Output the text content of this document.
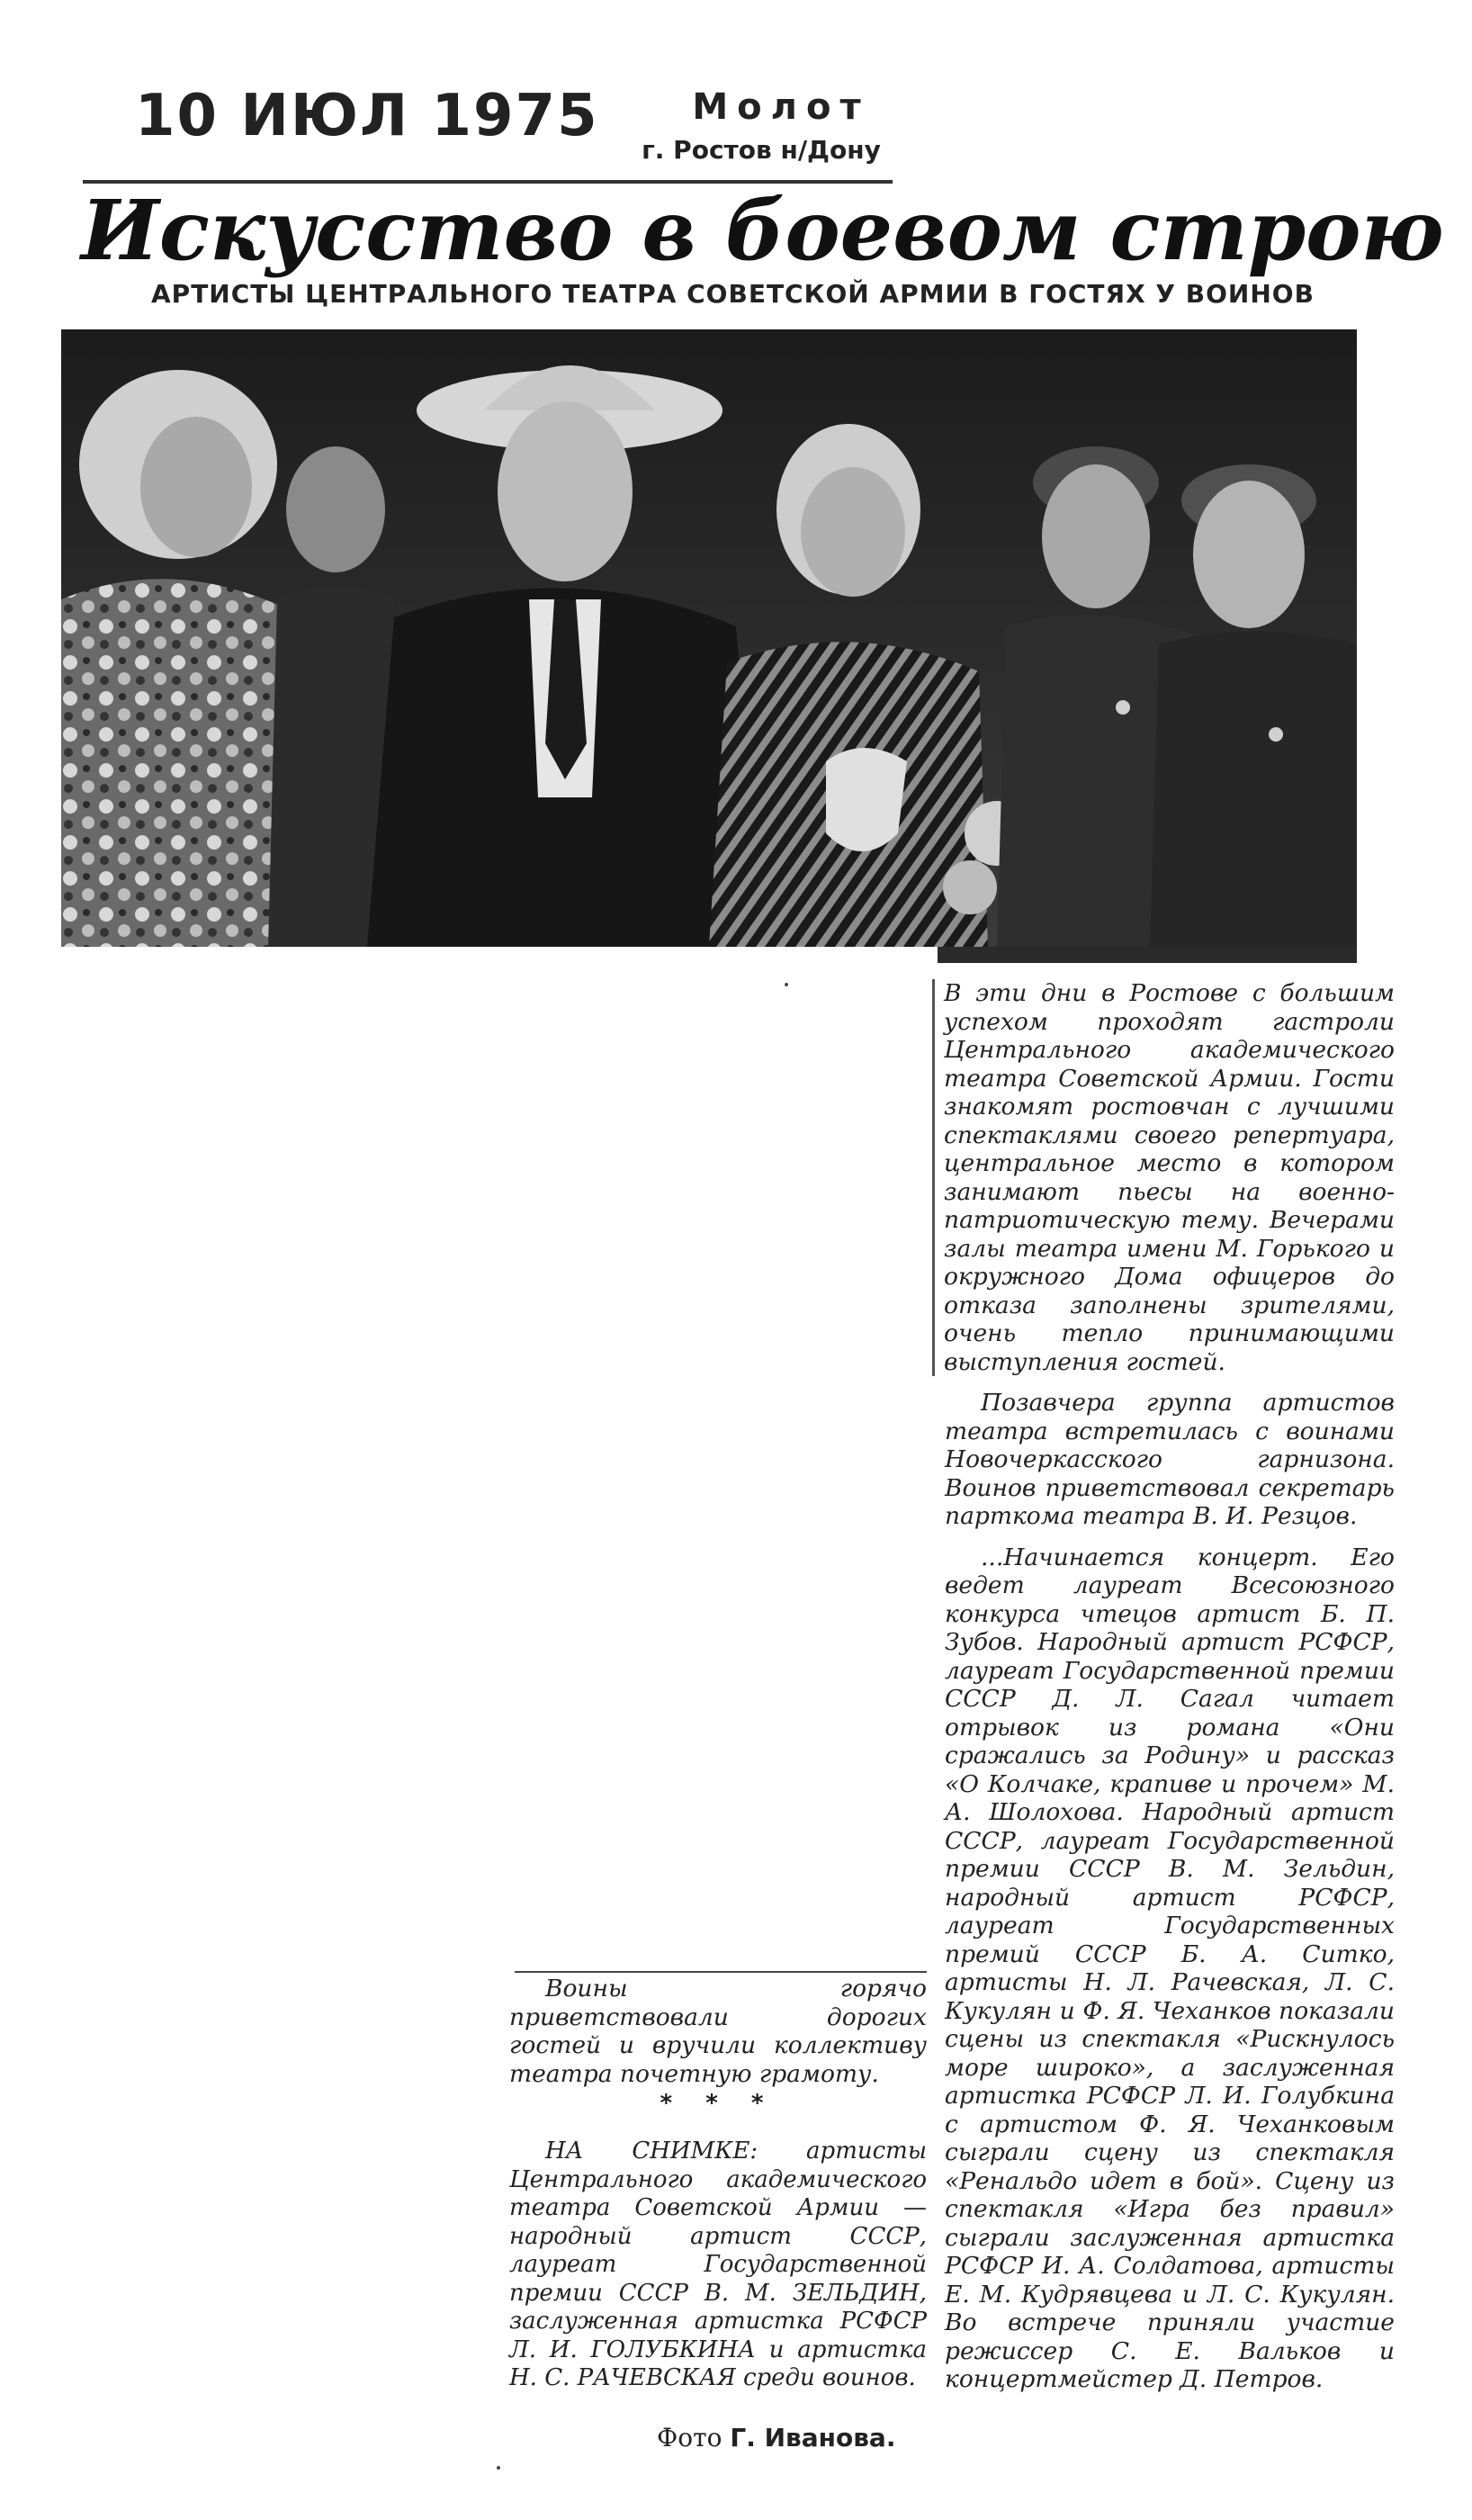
10 ИЮЛ 1975	Молот
г. Ростов н/Дону
Искусство в боевом строю
АРТИСТЫ ЦЕНТРАЛЬНОГО ТЕАТРА СОВЕТСКОЙ АРМИИ В ГОСТЯХ У ВОИНОВ

В эти дни в Ростове с большим успехом проходят гастроли Центрального академического театра Советской Армии. Гости знакомят ростовчан с лучшими спектаклями своего репертуара, центральное место в котором занимают пьесы на военно-патриотическую тему. Вечерами залы театра имени М. Горького и окружного Дома офицеров до отказа заполнены зрителями, очень тепло принимающими выступления гостей.

Позавчера группа артистов театра встретилась с воинами Новочеркасского гарнизона. Воинов приветствовал секретарь парткома театра В. И. Резцов.

...Начинается концерт. Его ведет лауреат Всесоюзного конкурса чтецов артист Б. П. Зубов. Народный артист РСФСР, лауреат Государственной премии СССР Д. Л. Сагал читает отрывок из романа «Они сражались за Родину» и рассказ «О Колчаке, крапиве и прочем» М. А. Шолохова. Народный артист СССР, лауреат Государственной премии СССР В. М. Зельдин, народный артист РСФСР, лауреат Государственных премий СССР Б. А. Ситко, артисты Н. Л. Рачевская, Л. С. Кукулян и Ф. Я. Чеханков показали сцены из спектакля «Рискнулось море широко», а заслуженная артистка РСФСР Л. И. Голубкина с артистом Ф. Я. Чеханковым сыграли сцену из спектакля «Ренальдо идет в бой». Сцену из спектакля «Игра без правил» сыграли заслуженная артистка РСФСР И. А. Солдатова, артисты Е. М. Кудрявцева и Л. С. Кукулян. Во встрече приняли участие режиссер С. Е. Вальков и концертмейстер Д. Петров.

Воины горячо приветствовали дорогих гостей и вручили коллективу театра почетную грамоту.

* * *

НА СНИМКЕ: артисты Центрального академического театра Советской Армии — народный артист СССР, лауреат Государственной премии СССР В. М. ЗЕЛЬДИН, заслуженная артистка РСФСР Л. И. ГОЛУБКИНА и артистка Н. С. РАЧЕВСКАЯ среди воинов.

Фото Г. Иванова.
